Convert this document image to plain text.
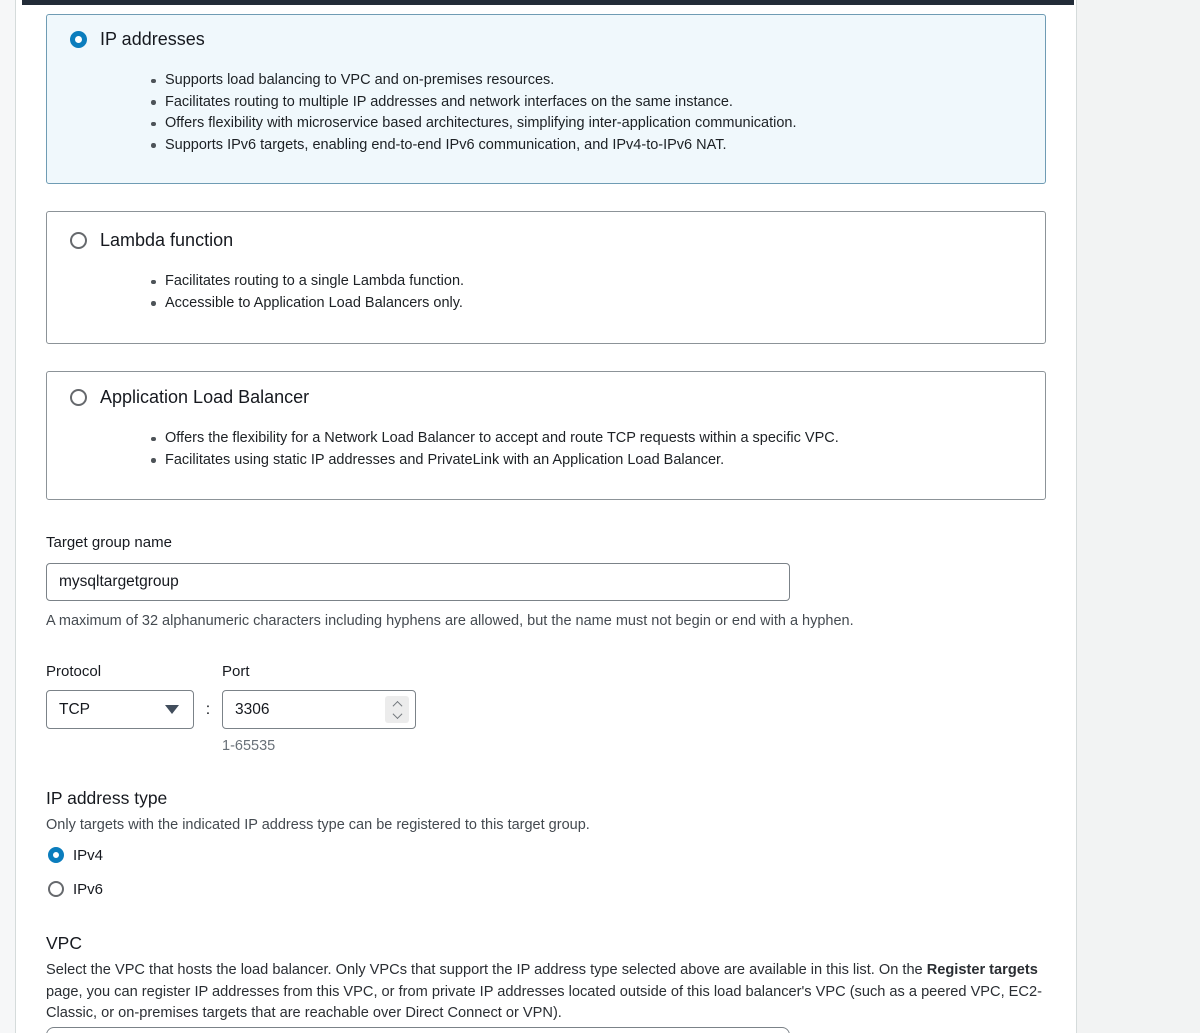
IP addresses
Supports load balancing to VPC and on-premises resources.
Facilitates routing to multiple IP addresses and network interfaces on the same instance.
Offers flexibility with microservice based architectures, simplifying inter-application communication.
Supports IPv6 targets, enabling end-to-end IPv6 communication, and IPv4-to-IPv6 NAT.
Lambda function
Facilitates routing to a single Lambda function.
Accessible to Application Load Balancers only.
Application Load Balancer
Offers the flexibility for a Network Load Balancer to accept and route TCP requests within a specific VPC.
Facilitates using static IP addresses and PrivateLink with an Application Load Balancer.
Target group name
mysqltargetgroup
A maximum of 32 alphanumeric characters including hyphens are allowed, but the name must not begin or end with a hyphen.
Protocol	Port
TCP	:
3306
1-65535
IP address type
Only targets with the indicated IP address type can be registered to this target group.
IPv4
IPv6
VPC
Select the VPC that hosts the load balancer. Only VPCs that support the IP address type selected above are available in this list. On the Register targets page, you can register IP addresses from this VPC, or from private IP addresses located outside of this load balancer's VPC (such as a peered VPC, EC2-Classic, or on-premises targets that are reachable over Direct Connect or VPN).
